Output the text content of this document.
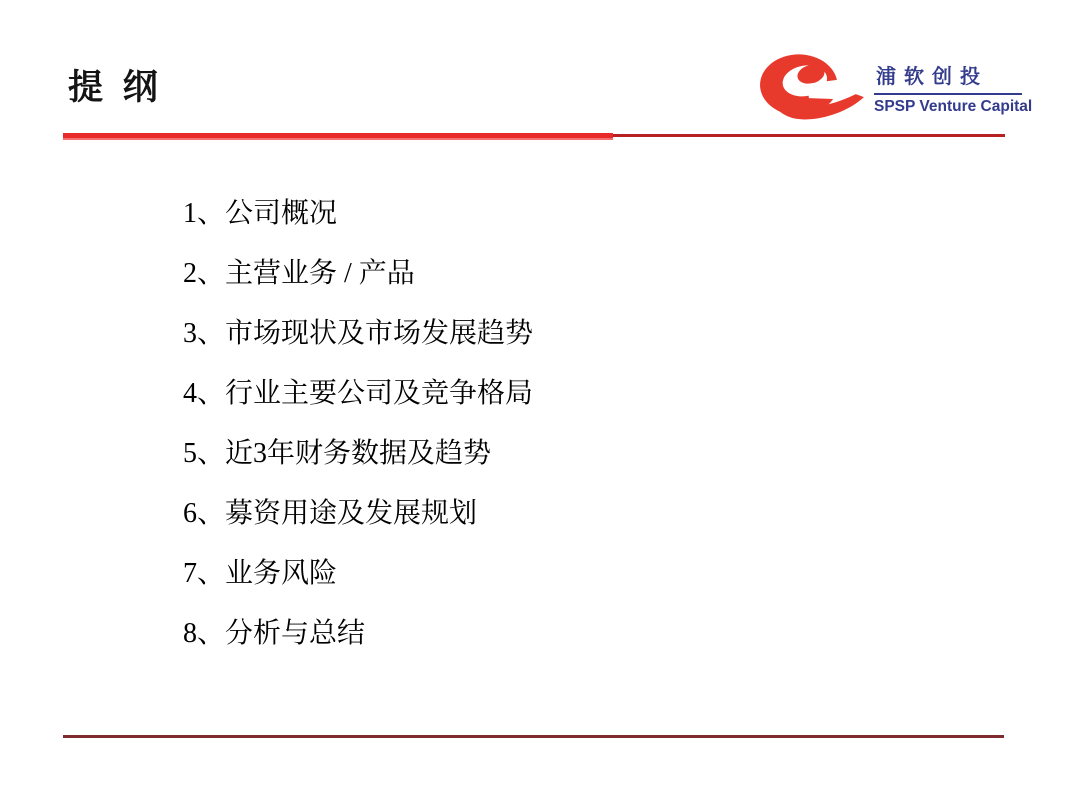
提 纲	浦软创投
SPSP Venture Capital
1、公司概况
2、主营业务 / 产品
3、市场现状及市场发展趋势
4、行业主要公司及竞争格局
5、近3年财务数据及趋势
6、募资用途及发展规划
7、业务风险
8、分析与总结
